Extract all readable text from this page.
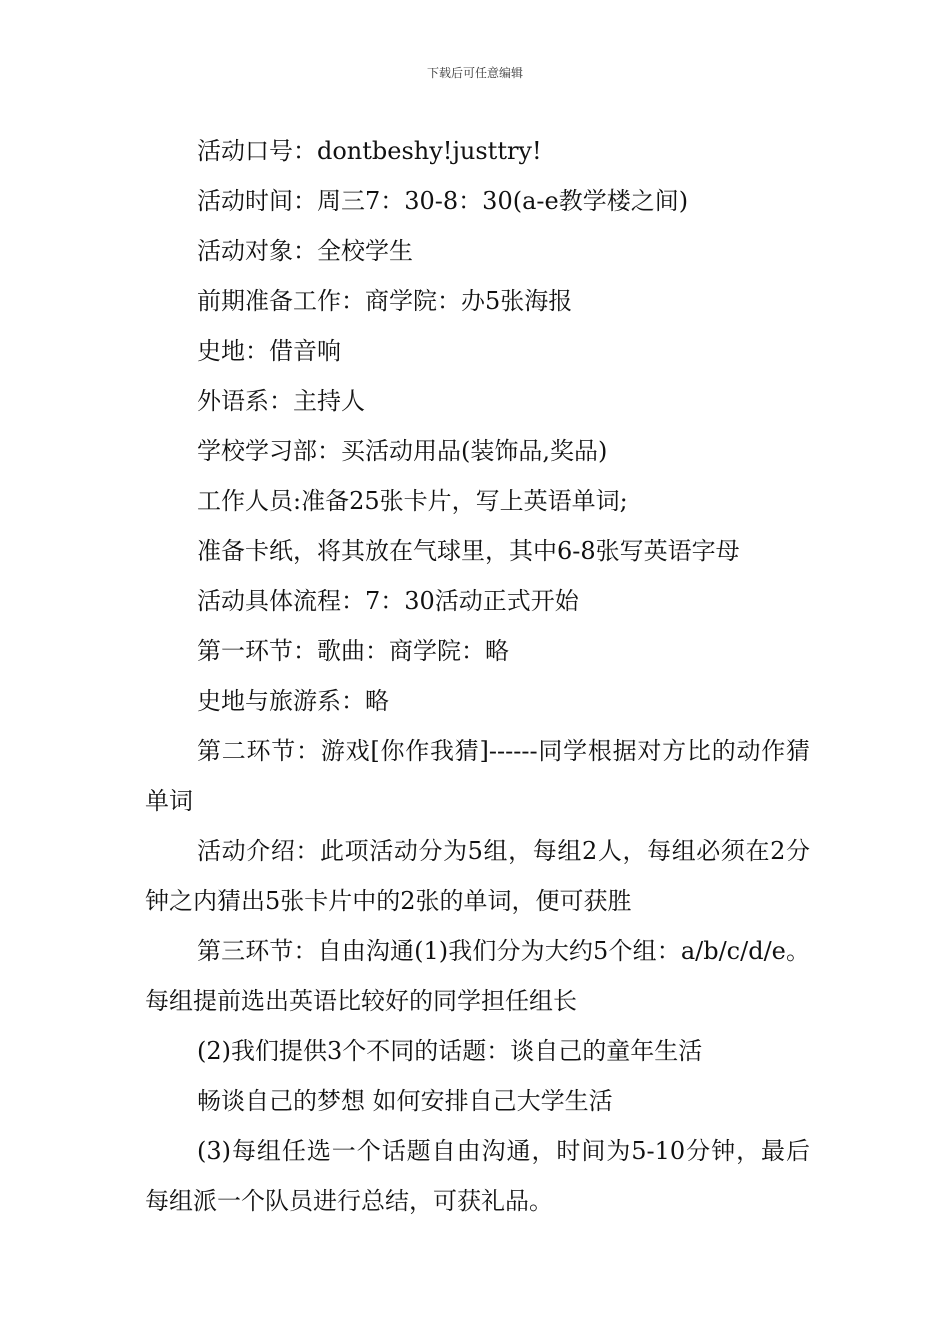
下载后可任意编辑

活动口号：dontbeshy!justtry!

活动时间：周三7：30-8：30(a-e教学楼之间)

活动对象：全校学生

前期准备工作：商学院：办5张海报

史地：借音响

外语系：主持人

学校学习部：买活动用品(装饰品,奖品)

工作人员:准备25张卡片，写上英语单词;

准备卡纸，将其放在气球里，其中6-8张写英语字母

活动具体流程：7：30活动正式开始

第一环节：歌曲：商学院：略

史地与旅游系：略

第二环节：游戏[你作我猜]------同学根据对方比的动作猜单词

活动介绍：此项活动分为5组，每组2人，每组必须在2分钟之内猜出5张卡片中的2张的单词，便可获胜

第三环节：自由沟通(1)我们分为大约5个组：a/b/c/d/e。每组提前选出英语比较好的同学担任组长

(2)我们提供3个不同的话题：谈自己的童年生活

畅谈自己的梦想 如何安排自己大学生活

(3)每组任选一个话题自由沟通，时间为5-10分钟，最后每组派一个队员进行总结，可获礼品。
